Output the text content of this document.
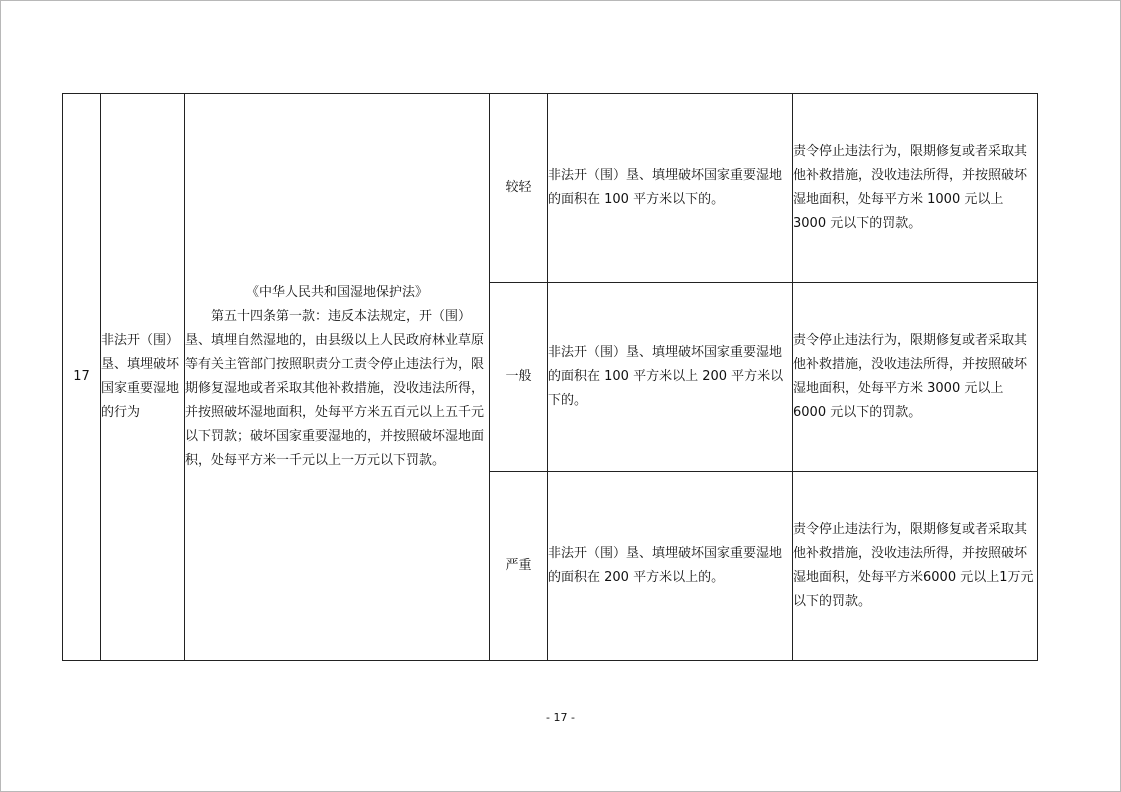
17	非法开（围）垦、填埋破坏国家重要湿地的行为	《中华人民共和国湿地保护法》
第五十四条第一款：违反本法规定，开（围）垦、填埋自然湿地的，由县级以上人民政府林业草原等有关主管部门按照职责分工责令停止违法行为，限期修复湿地或者采取其他补救措施，没收违法所得，并按照破坏湿地面积，处每平方米五百元以上五千元以下罚款；破坏国家重要湿地的，并按照破坏湿地面积，处每平方米一千元以上一万元以下罚款。	较轻	非法开（围）垦、填埋破坏国家重要湿地的面积在 100 平方米以下的。	责令停止违法行为，限期修复或者采取其他补救措施，没收违法所得，并按照破坏湿地面积，处每平方米 1000 元以上 3000 元以下的罚款。
			一般	非法开（围）垦、填埋破坏国家重要湿地的面积在 100 平方米以上 200 平方米以下的。	责令停止违法行为，限期修复或者采取其他补救措施，没收违法所得，并按照破坏湿地面积，处每平方米 3000 元以上 6000 元以下的罚款。
			严重	非法开（围）垦、填埋破坏国家重要湿地的面积在 200 平方米以上的。	责令停止违法行为，限期修复或者采取其他补救措施，没收违法所得，并按照破坏湿地面积，处每平方米6000 元以上1万元以下的罚款。
- 17 -
